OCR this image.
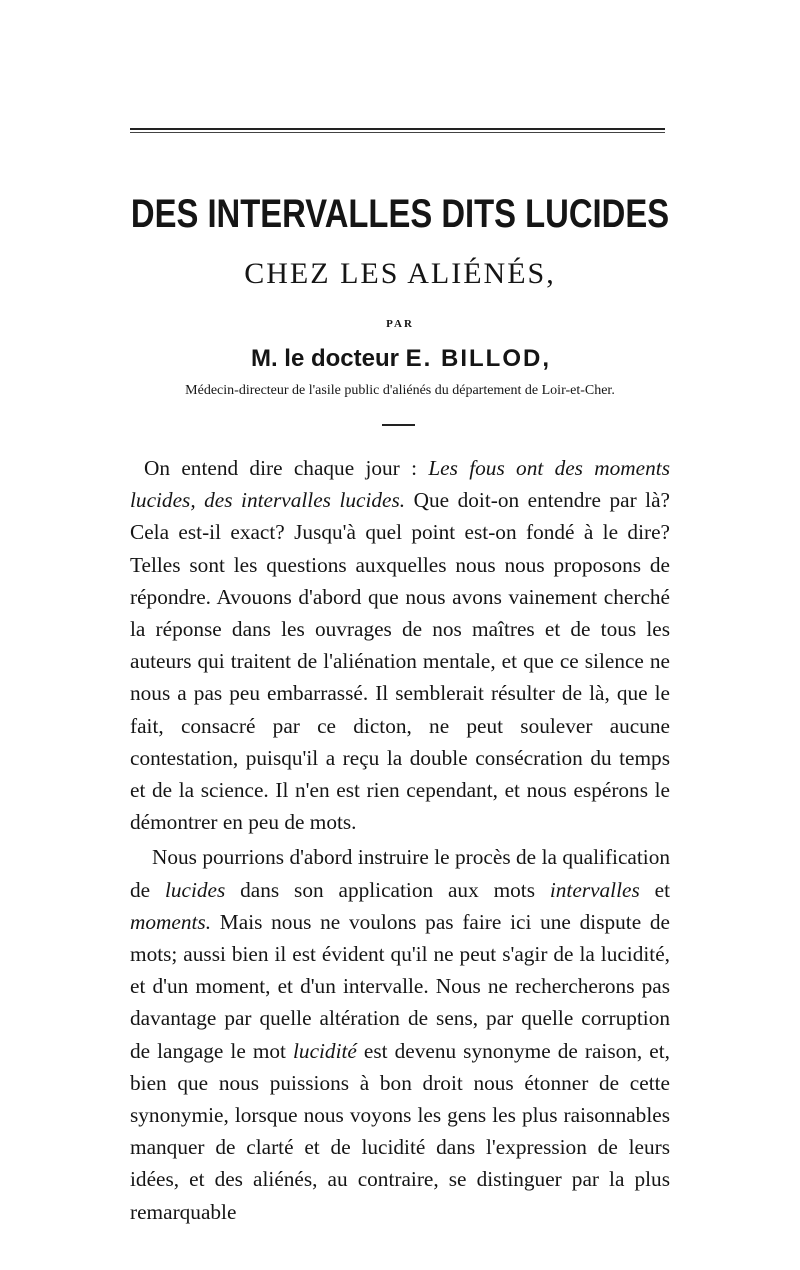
DES INTERVALLES DITS LUCIDES
CHEZ LES ALIÉNÉS,
PAR
M. le docteur E. BILLOD,
Médecin-directeur de l'asile public d'aliénés du département de Loir-et-Cher.

On entend dire chaque jour : Les fous ont des moments lucides, des intervalles lucides. Que doit-on entendre par là? Cela est-il exact? Jusqu'à quel point est-on fondé à le dire? Telles sont les questions auxquelles nous nous proposons de répondre. Avouons d'abord que nous avons vainement cherché la réponse dans les ouvrages de nos maîtres et de tous les auteurs qui traitent de l'aliénation mentale, et que ce silence ne nous a pas peu embarrassé. Il semblerait résulter de là, que le fait, consacré par ce dicton, ne peut soulever aucune contestation, puisqu'il a reçu la double consécration du temps et de la science. Il n'en est rien cependant, et nous espérons le démontrer en peu de mots.

Nous pourrions d'abord instruire le procès de la qualification de lucides dans son application aux mots intervalles et moments. Mais nous ne voulons pas faire ici une dispute de mots; aussi bien il est évident qu'il ne peut s'agir de la lucidité, et d'un moment, et d'un intervalle. Nous ne rechercherons pas davantage par quelle altération de sens, par quelle corruption de langage le mot lucidité est devenu synonyme de raison, et, bien que nous puissions à bon droit nous étonner de cette synonymie, lorsque nous voyons les gens les plus raisonnables manquer de clarté et de lucidité dans l'expression de leurs idées, et des aliénés, au contraire, se distinguer par la plus remarquable
